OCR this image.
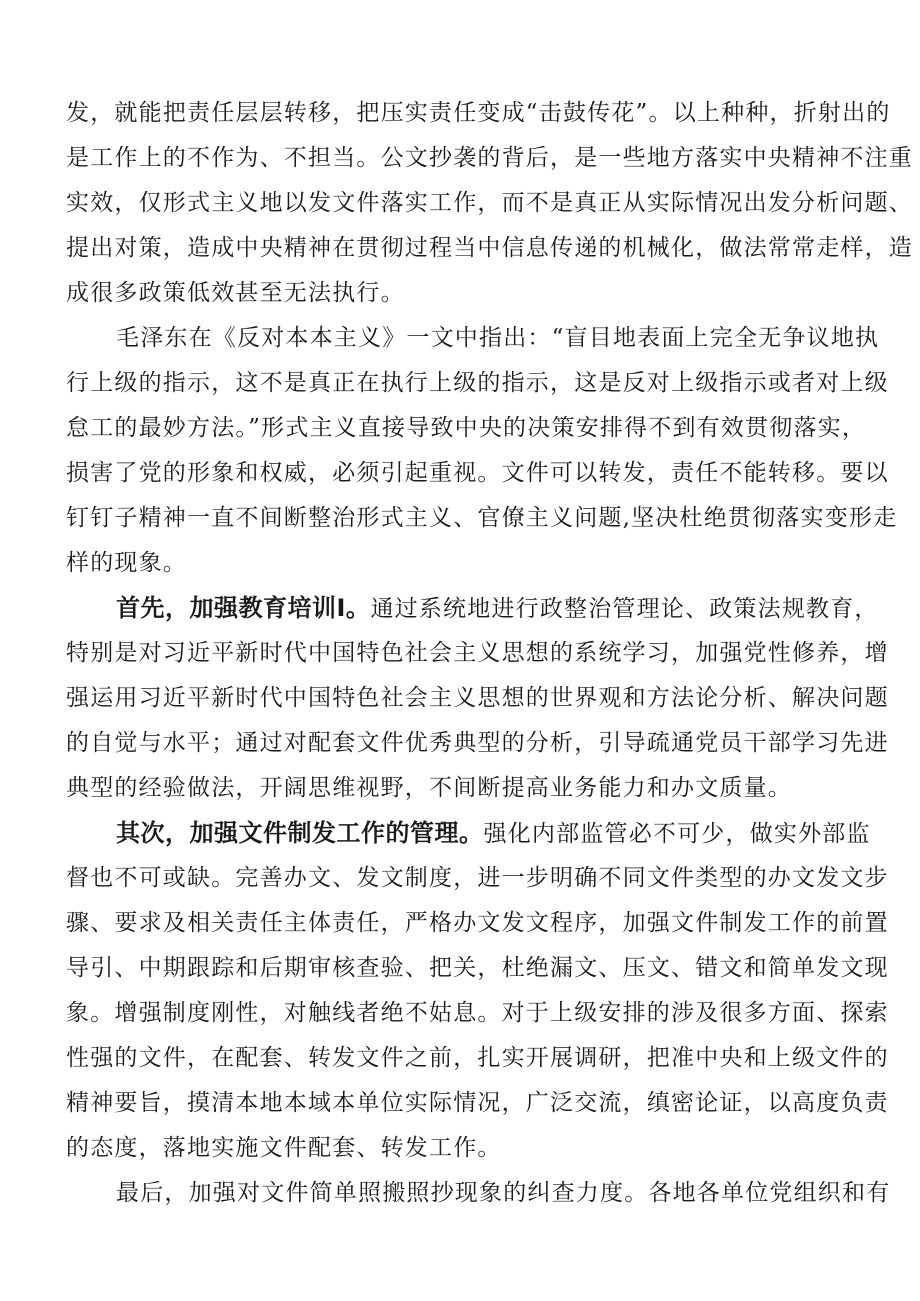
发，就能把责任层层转移，把压实责任变成“击鼓传花”。以上种种，折射出的
是工作上的不作为、不担当。公文抄袭的背后，是一些地方落实中央精神不注重
实效，仅形式主义地以发文件落实工作，而不是真正从实际情况出发分析问题、
提出对策，造成中央精神在贯彻过程当中信息传递的机械化，做法常常走样，造
成很多政策低效甚至无法执行。
毛泽东在《反对本本主义》一文中指出：“盲目地表面上完全无争议地执
行上级的指示，这不是真正在执行上级的指示，这是反对上级指示或者对上级
怠工的最妙方法。”形式主义直接导致中央的决策安排得不到有效贯彻落实，
损害了党的形象和权威，必须引起重视。文件可以转发，责任不能转移。要以
钉钉子精神一直不间断整治形式主义、官僚主义问题,坚决杜绝贯彻落实变形走
样的现象。
首先，加强教育培训I。通过系统地进行政整治管理论、政策法规教育，
特别是对习近平新时代中国特色社会主义思想的系统学习，加强党性修养，增
强运用习近平新时代中国特色社会主义思想的世界观和方法论分析、解决问题
的自觉与水平；通过对配套文件优秀典型的分析，引导疏通党员干部学习先进
典型的经验做法，开阔思维视野，不间断提高业务能力和办文质量。
其次，加强文件制发工作的管理。强化内部监管必不可少，做实外部监
督也不可或缺。完善办文、发文制度，进一步明确不同文件类型的办文发文步
骤、要求及相关责任主体责任，严格办文发文程序，加强文件制发工作的前置
导引、中期跟踪和后期审核查验、把关，杜绝漏文、压文、错文和简单发文现
象。增强制度刚性，对触线者绝不姑息。对于上级安排的涉及很多方面、探索
性强的文件，在配套、转发文件之前，扎实开展调研，把准中央和上级文件的
精神要旨，摸清本地本域本单位实际情况，广泛交流，缜密论证，以高度负责
的态度，落地实施文件配套、转发工作。
最后，加强对文件简单照搬照抄现象的纠查力度。各地各单位党组织和有
